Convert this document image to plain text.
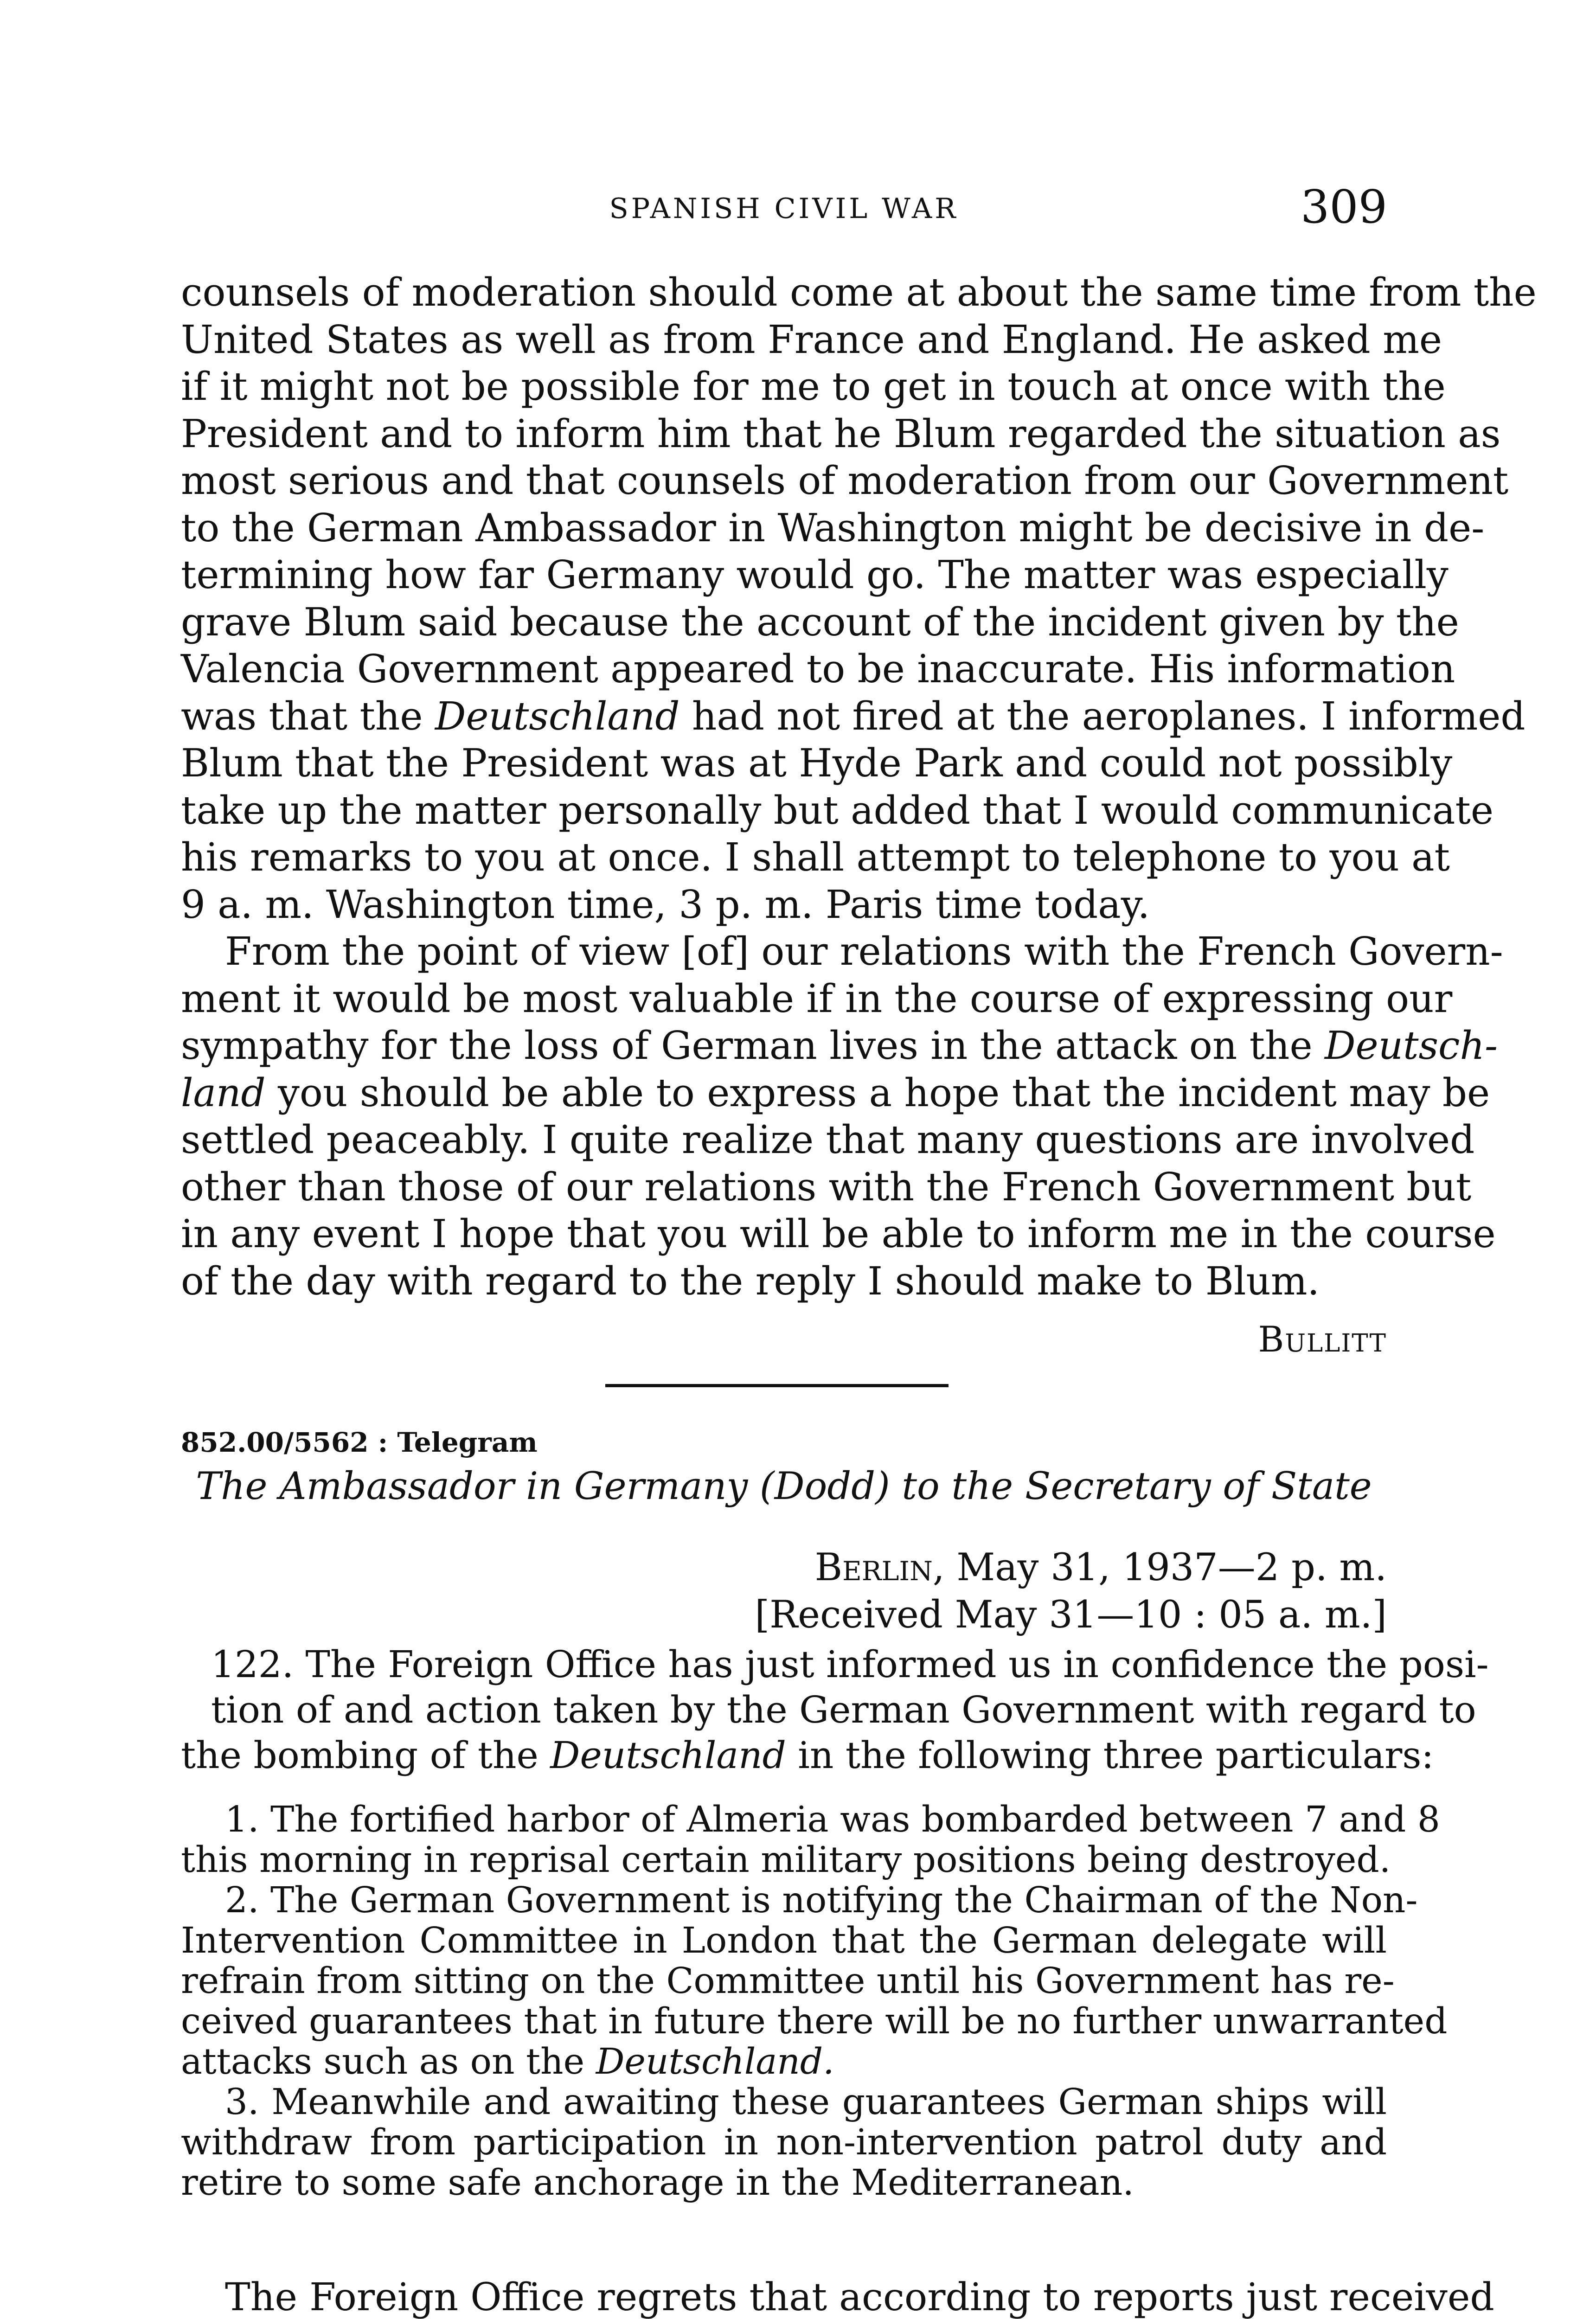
SPANISH CIVIL WAR	309
counsels of moderation should come at about the same time from the
United States as well as from France and England. He asked me
if it might not be possible for me to get in touch at once with the
President and to inform him that he Blum regarded the situation as
most serious and that counsels of moderation from our Government
to the German Ambassador in Washington might be decisive in de-
termining how far Germany would go. The matter was especially
grave Blum said because the account of the incident given by the
Valencia Government appeared to be inaccurate. His information
was that the Deutschland had not fired at the aeroplanes. I informed
Blum that the President was at Hyde Park and could not possibly
take up the matter personally but added that I would communicate
his remarks to you at once. I shall attempt to telephone to you at
9 a. m. Washington time, 3 p. m. Paris time today.
From the point of view [of] our relations with the French Govern-
ment it would be most valuable if in the course of expressing our
sympathy for the loss of German lives in the attack on the Deutsch-
land you should be able to express a hope that the incident may be
settled peaceably. I quite realize that many questions are involved
other than those of our relations with the French Government but
in any event I hope that you will be able to inform me in the course
of the day with regard to the reply I should make to Blum.
Bullitt
852.00/5562 : Telegram
The Ambassador in Germany (Dodd) to the Secretary of State
Berlin, May 31, 1937—2 p. m.
[Received May 31—10 : 05 a. m.]
122. The Foreign Office has just informed us in confidence the posi-
tion of and action taken by the German Government with regard to
the bombing of the Deutschland in the following three particulars:
1. The fortified harbor of Almeria was bombarded between 7 and 8
this morning in reprisal certain military positions being destroyed.
2. The German Government is notifying the Chairman of the Non-
Intervention Committee in London that the German delegate will
refrain from sitting on the Committee until his Government has re-
ceived guarantees that in future there will be no further unwarranted
attacks such as on the Deutschland.
3. Meanwhile and awaiting these guarantees German ships will
withdraw from participation in non-intervention patrol duty and
retire to some safe anchorage in the Mediterranean.
The Foreign Office regrets that according to reports just received
